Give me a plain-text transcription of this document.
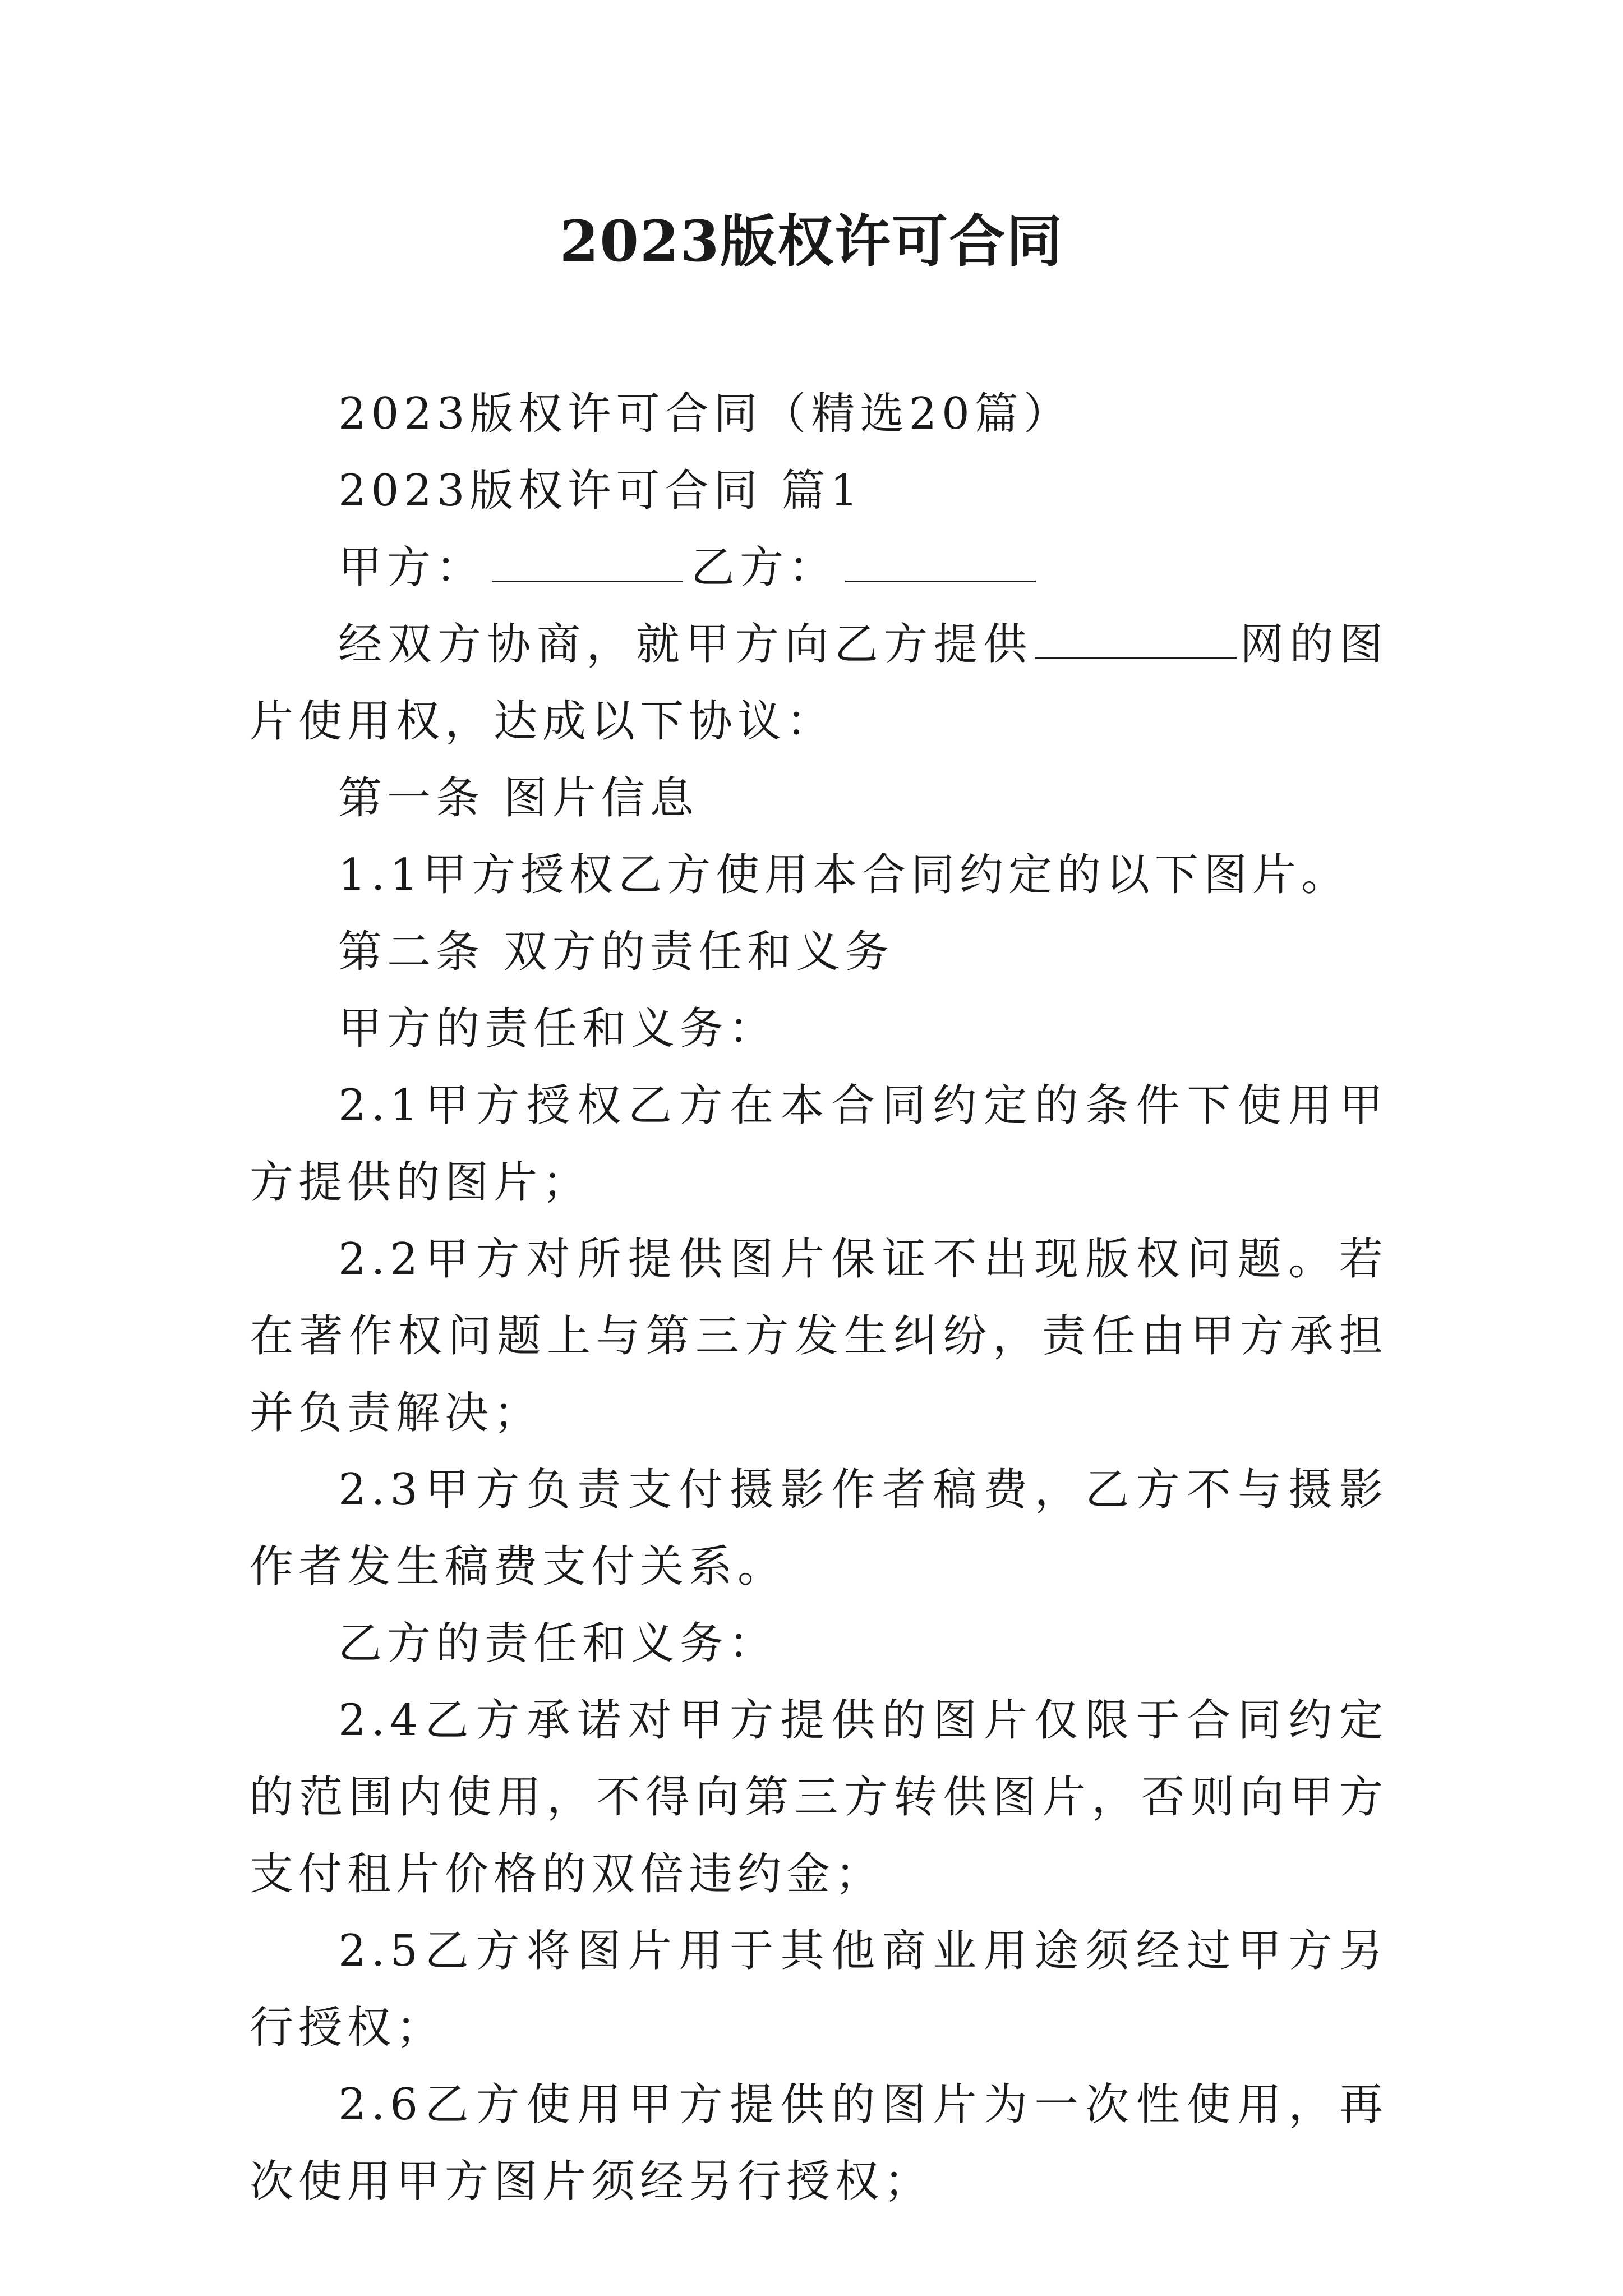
2023版权许可合同

2023版权许可合同（精选20篇）

2023版权许可合同 篇1

甲方：	乙方：

经双方协商，就甲方向乙方提供	网的图片使用权，达成以下协议：

第一条 图片信息

1.1甲方授权乙方使用本合同约定的以下图片。

第二条 双方的责任和义务

甲方的责任和义务：

2.1甲方授权乙方在本合同约定的条件下使用甲方提供的图片；

2.2甲方对所提供图片保证不出现版权问题。若在著作权问题上与第三方发生纠纷，责任由甲方承担并负责解决；

2.3甲方负责支付摄影作者稿费，乙方不与摄影作者发生稿费支付关系。

乙方的责任和义务：

2.4乙方承诺对甲方提供的图片仅限于合同约定的范围内使用，不得向第三方转供图片，否则向甲方支付租片价格的双倍违约金；

2.5乙方将图片用于其他商业用途须经过甲方另行授权；

2.6乙方使用甲方提供的图片为一次性使用，再次使用甲方图片须经另行授权；
